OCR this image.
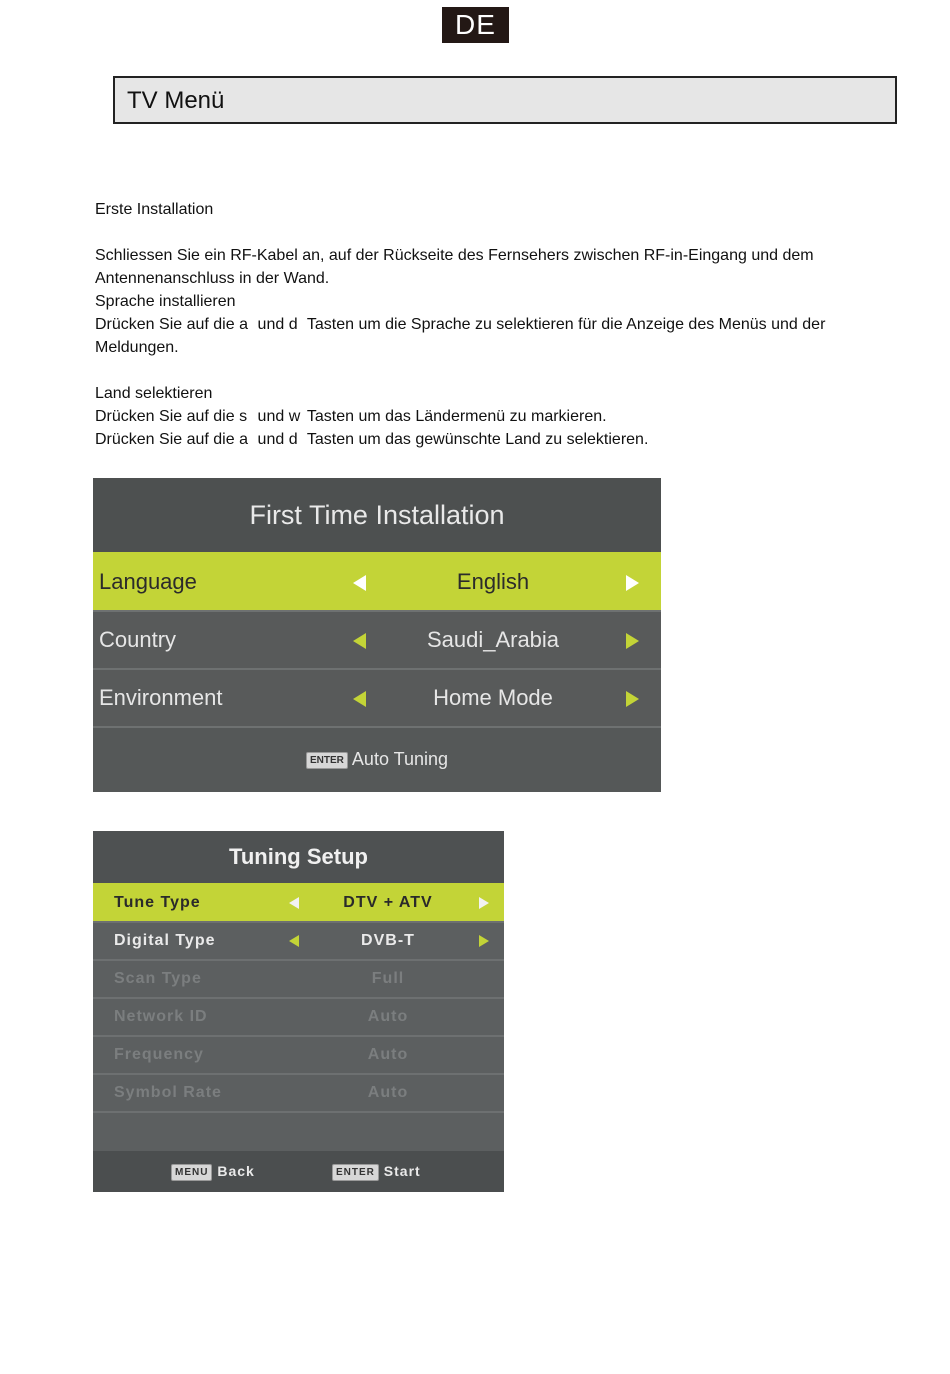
DE
TV Menü

Erste Installation

Schliessen Sie ein RF-Kabel an, auf der Rückseite des Fernsehers zwischen RF-in-Eingang und dem Antennenanschluss in der Wand.

Sprache installieren

Drücken Sie auf die a und d Tasten um die Sprache zu selektieren für die Anzeige des Menüs und der Meldungen.

Land selektieren

Drücken Sie auf die s und w Tasten um das Ländermenü zu markieren.

Drücken Sie auf die a und d Tasten um das gewünschte Land zu selektieren.

First Time Installation
Language	English
Country	Saudi_Arabia
Environment	Home Mode
ENTER Auto Tuning
Tuning Setup
Tune Type	DTV + ATV
Digital Type	DVB-T
Scan Type	Full
Network ID	Auto
Frequency	Auto
Symbol Rate	Auto
MENU Back	ENTER Start
